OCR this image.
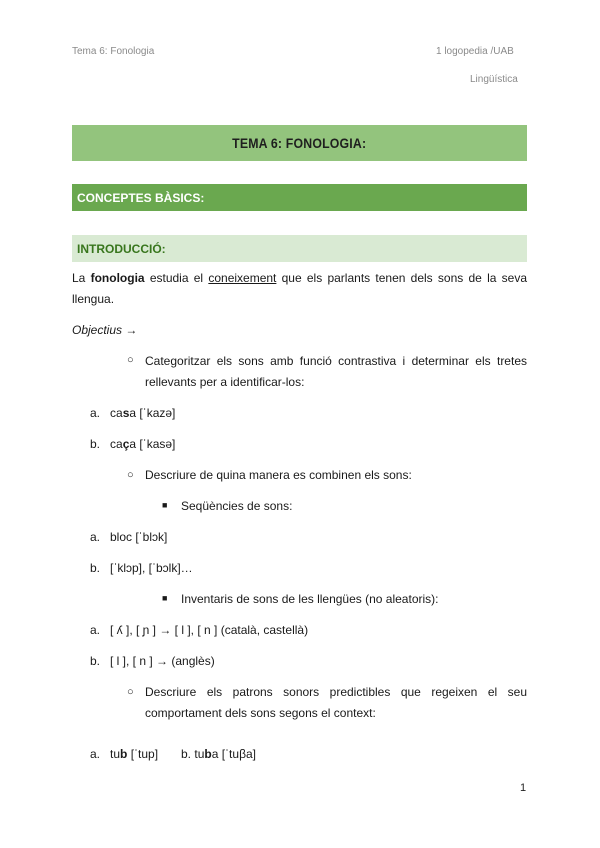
Tema 6: Fonologia	1 logopedia /UAB
Lingüística
TEMA 6: FONOLOGIA:
CONCEPTES BÀSICS:
INTRODUCCIÓ:
La fonologia estudia el coneixement que els parlants tenen dels sons de la seva llengua.
Objectius →
○ Categoritzar els sons amb funció contrastiva i determinar els tretes rellevants per a identificar-los:
a. casa [ˈkazə]
b. caça [ˈkasə]
○ Descriure de quina manera es combinen els sons:
■ Seqüències de sons:
a. bloc [ˈblɔk]
b. [ˈklɔp], [ˈbɔlk]…
■ Inventaris de sons de les llengües (no aleatoris):
a. [ ʎ ], [ ɲ ] → [ l ], [ n ] (català, castellà)
b. [ l ], [ n ] → (anglès)
○ Descriure els patrons sonors predictibles que regeixen el seu comportament dels sons segons el context:
a. tub [ˈtup] b. tuba [ˈtuβa]
1
